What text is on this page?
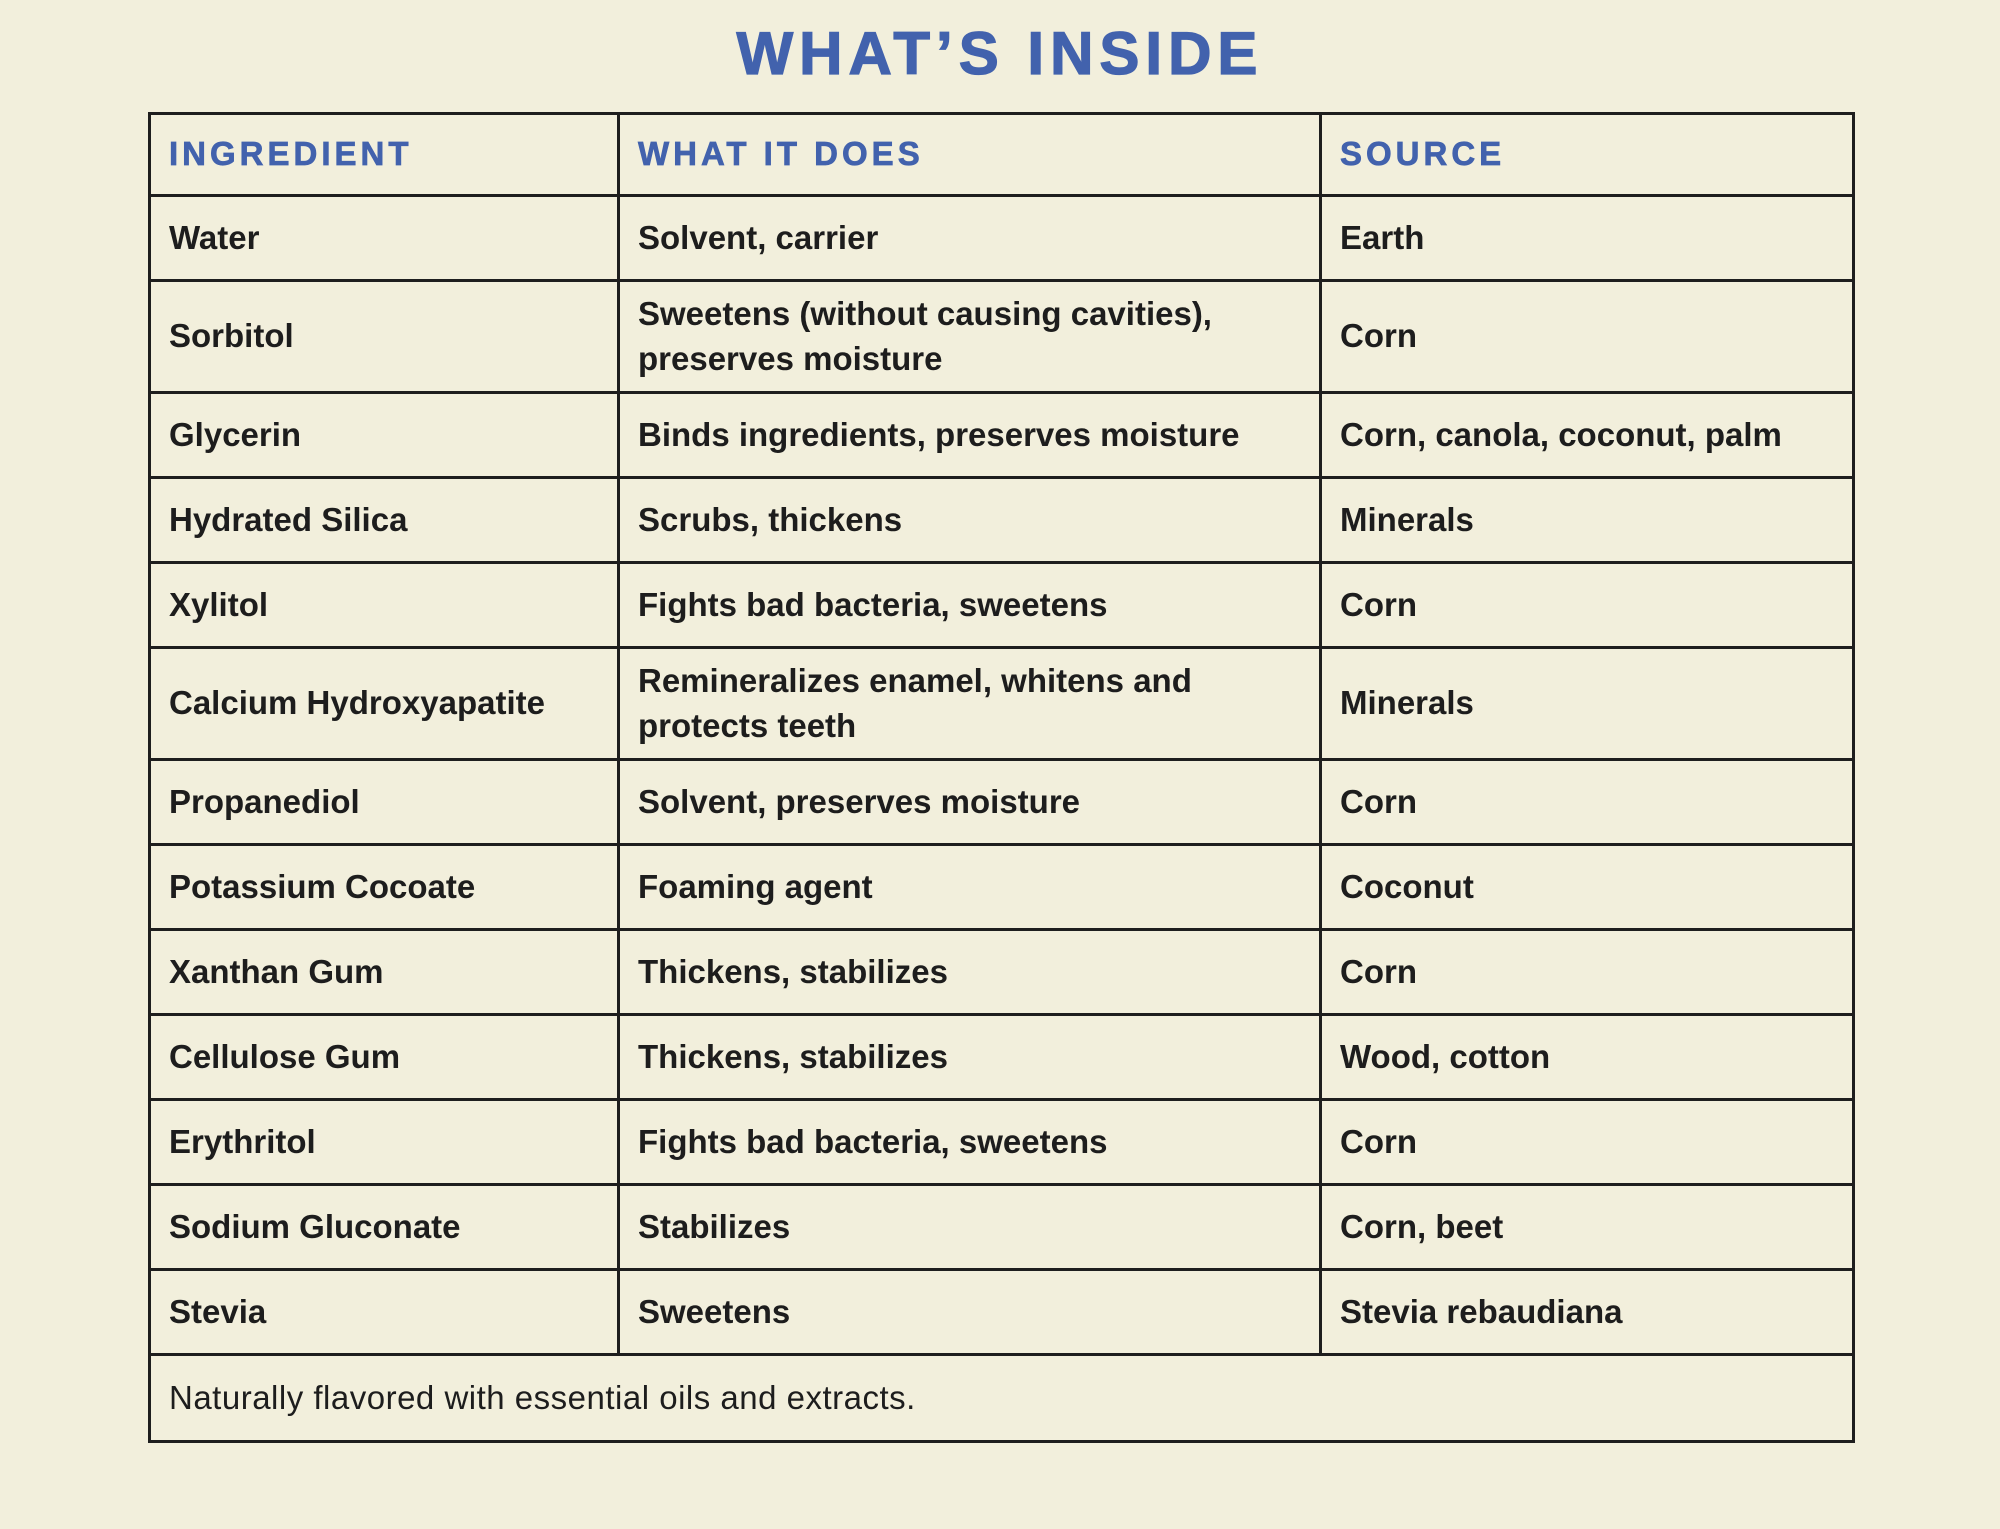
WHAT’S INSIDE
INGREDIENT	WHAT IT DOES	SOURCE
Water	Solvent, carrier	Earth
Sorbitol	Sweetens (without causing cavities), preserves moisture	Corn
Glycerin	Binds ingredients, preserves moisture	Corn, canola, coconut, palm
Hydrated Silica	Scrubs, thickens	Minerals
Xylitol	Fights bad bacteria, sweetens	Corn
Calcium Hydroxyapatite	Remineralizes enamel, whitens and protects teeth	Minerals
Propanediol	Solvent, preserves moisture	Corn
Potassium Cocoate	Foaming agent	Coconut
Xanthan Gum	Thickens, stabilizes	Corn
Cellulose Gum	Thickens, stabilizes	Wood, cotton
Erythritol	Fights bad bacteria, sweetens	Corn
Sodium Gluconate	Stabilizes	Corn, beet
Stevia	Sweetens	Stevia rebaudiana
Naturally flavored with essential oils and extracts.		
